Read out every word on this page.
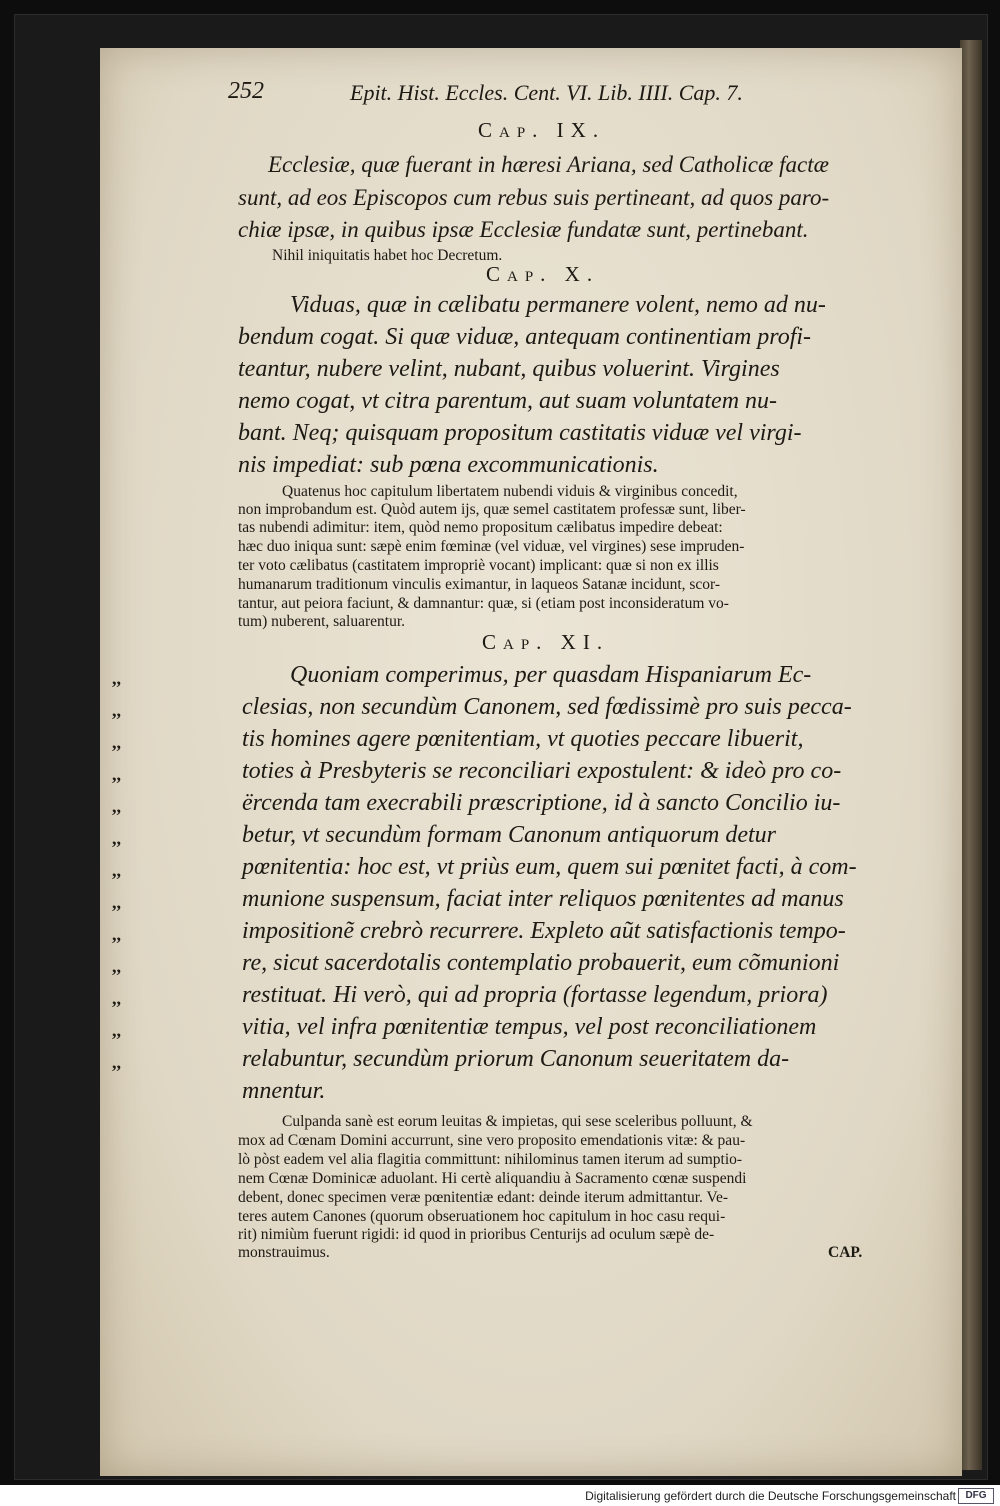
252	Epit. Hist. Eccles. Cent. VI. Lib. IIII. Cap. 7.
Cap. IX.
Ecclesiæ, quæ fuerant in hæresi Ariana, sed Catholicæ factæ
sunt, ad eos Episcopos cum rebus suis pertineant, ad quos paro-
chiæ ipsæ, in quibus ipsæ Ecclesiæ fundatæ sunt, pertinebant.
Nihil iniquitatis habet hoc Decretum.
Cap. X.
Viduas, quæ in cælibatu permanere volent, nemo ad nu-
bendum cogat. Si quæ viduæ, antequam continentiam profi-
teantur, nubere velint, nubant, quibus voluerint. Virgines
nemo cogat, vt citra parentum, aut suam voluntatem nu-
bant. Neq; quisquam propositum castitatis viduæ vel virgi-
nis impediat: sub pœna excommunicationis.
Quatenus hoc capitulum libertatem nubendi viduis & virginibus concedit,
non improbandum est. Quòd autem ijs, quæ semel castitatem professæ sunt, liber-
tas nubendi adimitur: item, quòd nemo propositum cælibatus impedire debeat:
hæc duo iniqua sunt: sæpè enim fœminæ (vel viduæ, vel virgines) sese impruden-
ter voto cælibatus (castitatem impropriè vocant) implicant: quæ si non ex illis
humanarum traditionum vinculis eximantur, in laqueos Satanæ incidunt, scor-
tantur, aut peiora faciunt, & damnantur: quæ, si (etiam post inconsideratum vo-
tum) nuberent, saluarentur.
Cap. XI.
,,
,,
,,
,,
,,
,,
,,
,,
,,
,,
,,
,,
,,
Quoniam comperimus, per quasdam Hispaniarum Ec-
clesias, non secundùm Canonem, sed fœdissimè pro suis pecca-
tis homines agere pœnitentiam, vt quoties peccare libuerit,
toties à Presbyteris se reconciliari expostulent: & ideò pro co-
ërcenda tam execrabili præscriptione, id à sancto Concilio iu-
betur, vt secundùm formam Canonum antiquorum detur
pœnitentia: hoc est, vt priùs eum, quem sui pœnitet facti, à com-
munione suspensum, faciat inter reliquos pœnitentes ad manus
impositionẽ crebrò recurrere. Expleto aũt satisfactionis tempo-
re, sicut sacerdotalis contemplatio probauerit, eum cõmunioni
restituat. Hi verò, qui ad propria (fortasse legendum, priora)
vitia, vel infra pœnitentiæ tempus, vel post reconciliationem
relabuntur, secundùm priorum Canonum seueritatem da-
mnentur.
Culpanda sanè est eorum leuitas & impietas, qui sese sceleribus polluunt, &
mox ad Cœnam Domini accurrunt, sine vero proposito emendationis vitæ: & pau-
lò pòst eadem vel alia flagitia committunt: nihilominus tamen iterum ad sumptio-
nem Cœnæ Dominicæ aduolant. Hi certè aliquandiu à Sacramento cœnæ suspendi
debent, donec specimen veræ pœnitentiæ edant: deinde iterum admittantur. Ve-
teres autem Canones (quorum obseruationem hoc capitulum in hoc casu requi-
rit) nimiùm fuerunt rigidi: id quod in prioribus Centurijs ad oculum sæpè de-
monstrauimus.	CAP.
Digitalisierung gefördert durch die Deutsche Forschungsgemeinschaft DFG
